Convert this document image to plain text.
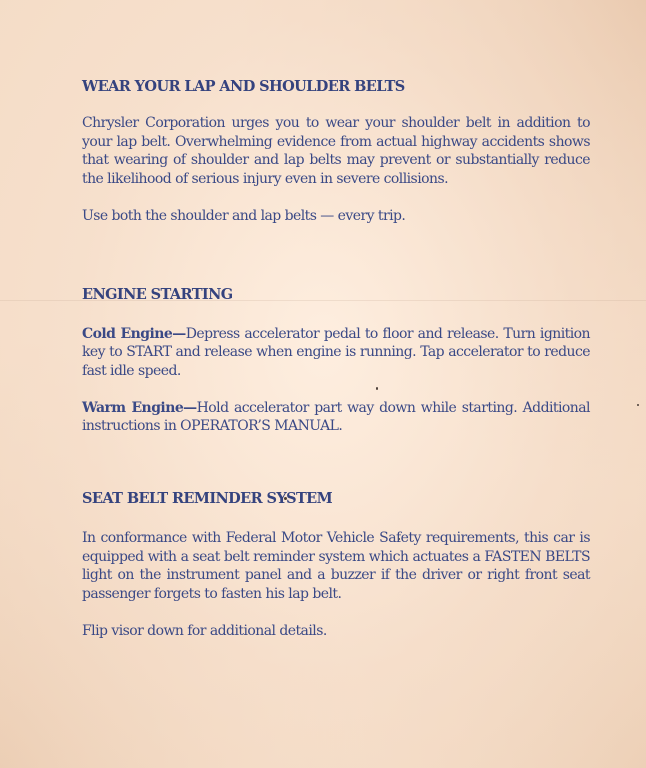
WEAR YOUR LAP AND SHOULDER BELTS

Chrysler Corporation urges you to wear your shoulder belt in addition to your lap belt. Overwhelming evidence from actual highway accidents shows that wearing of shoulder and lap belts may prevent or substantially reduce the likelihood of serious injury even in severe collisions.

Use both the shoulder and lap belts — every trip.

ENGINE STARTING

Cold Engine—Depress accelerator pedal to floor and release. Turn ignition key to START and release when engine is running. Tap accelerator to reduce fast idle speed.

Warm Engine—Hold accelerator part way down while starting. Additional instructions in OPERATOR’S MANUAL.

SEAT BELT REMINDER SYSTEM

In conformance with Federal Motor Vehicle Safety requirements, this car is equipped with a seat belt reminder system which actuates a FASTEN BELTS light on the instrument panel and a buzzer if the driver or right front seat passenger forgets to fasten his lap belt.

Flip visor down for additional details.
